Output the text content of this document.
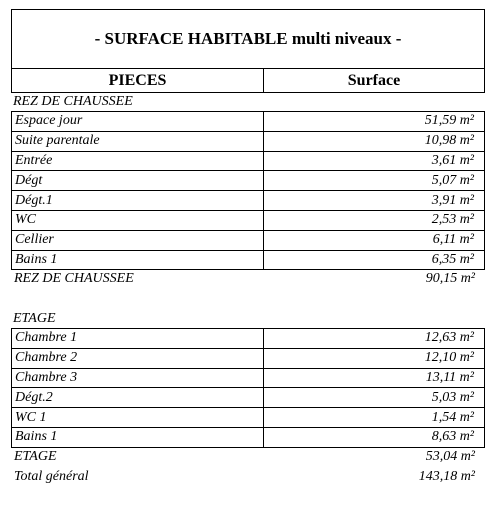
- SURFACE HABITABLE multi niveaux -
PIECES	Surface
REZ DE CHAUSSEE
Espace jour	51,59 m²
Suite parentale	10,98 m²
Entrée	3,61 m²
Dégt	5,07 m²
Dégt.1	3,91 m²
WC	2,53 m²
Cellier	6,11 m²
Bains 1	6,35 m²
REZ DE CHAUSSEE	90,15 m²
ETAGE
Chambre 1	12,63 m²
Chambre 2	12,10 m²
Chambre 3	13,11 m²
Dégt.2	5,03 m²
WC 1	1,54 m²
Bains 1	8,63 m²
ETAGE	53,04 m²
Total général	143,18 m²
